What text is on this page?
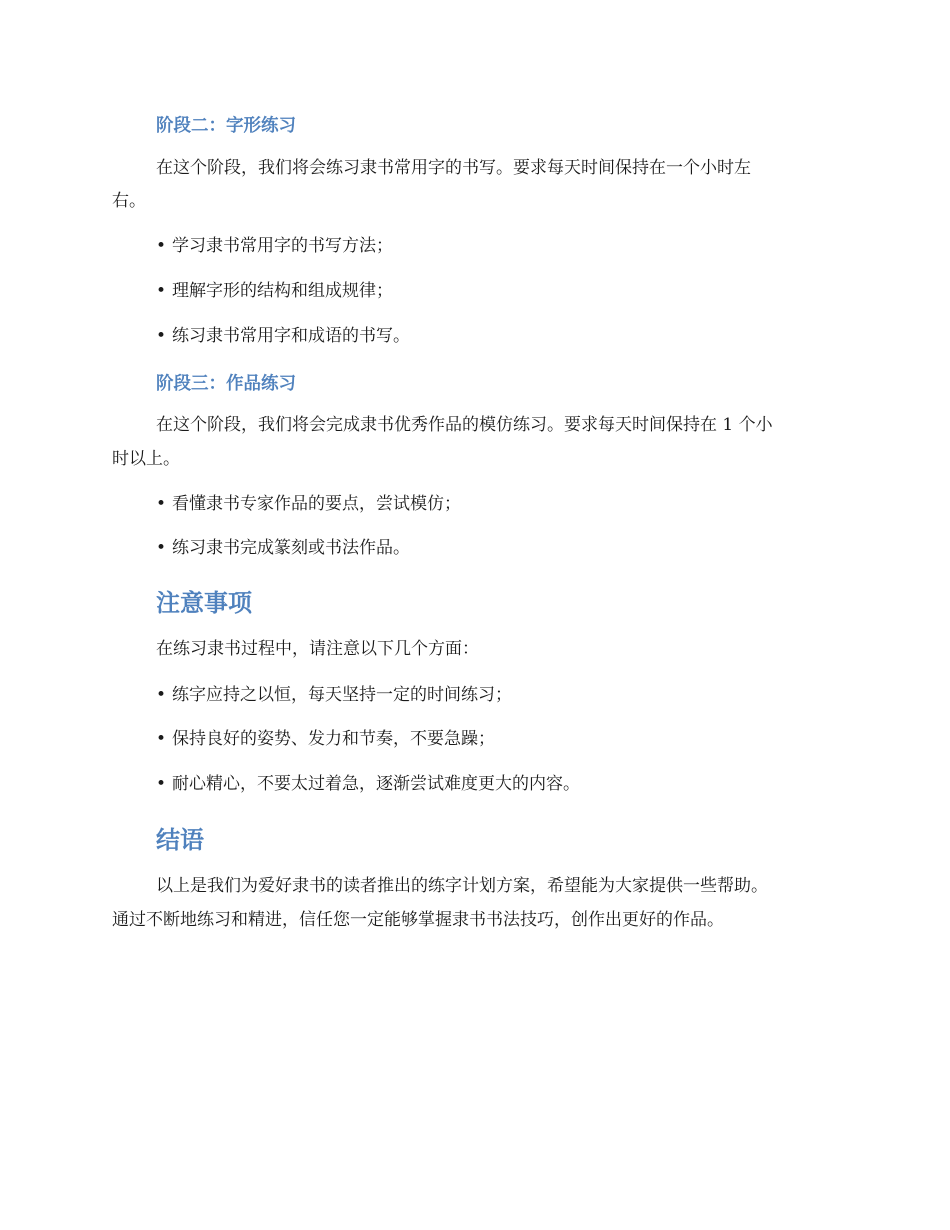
阶段二：字形练习
在这个阶段，我们将会练习隶书常用字的书写。要求每天时间保持在一个小时左
右。
• 学习隶书常用字的书写方法；
• 理解字形的结构和组成规律；
• 练习隶书常用字和成语的书写。
阶段三：作品练习
在这个阶段，我们将会完成隶书优秀作品的模仿练习。要求每天时间保持在 1 个小
时以上。
• 看懂隶书专家作品的要点，尝试模仿；
• 练习隶书完成篆刻或书法作品。
注意事项
在练习隶书过程中，请注意以下几个方面：
• 练字应持之以恒，每天坚持一定的时间练习；
• 保持良好的姿势、发力和节奏，不要急躁；
• 耐心精心，不要太过着急，逐渐尝试难度更大的内容。
结语
以上是我们为爱好隶书的读者推出的练字计划方案，希望能为大家提供一些帮助。
通过不断地练习和精进，信任您一定能够掌握隶书书法技巧，创作出更好的作品。
